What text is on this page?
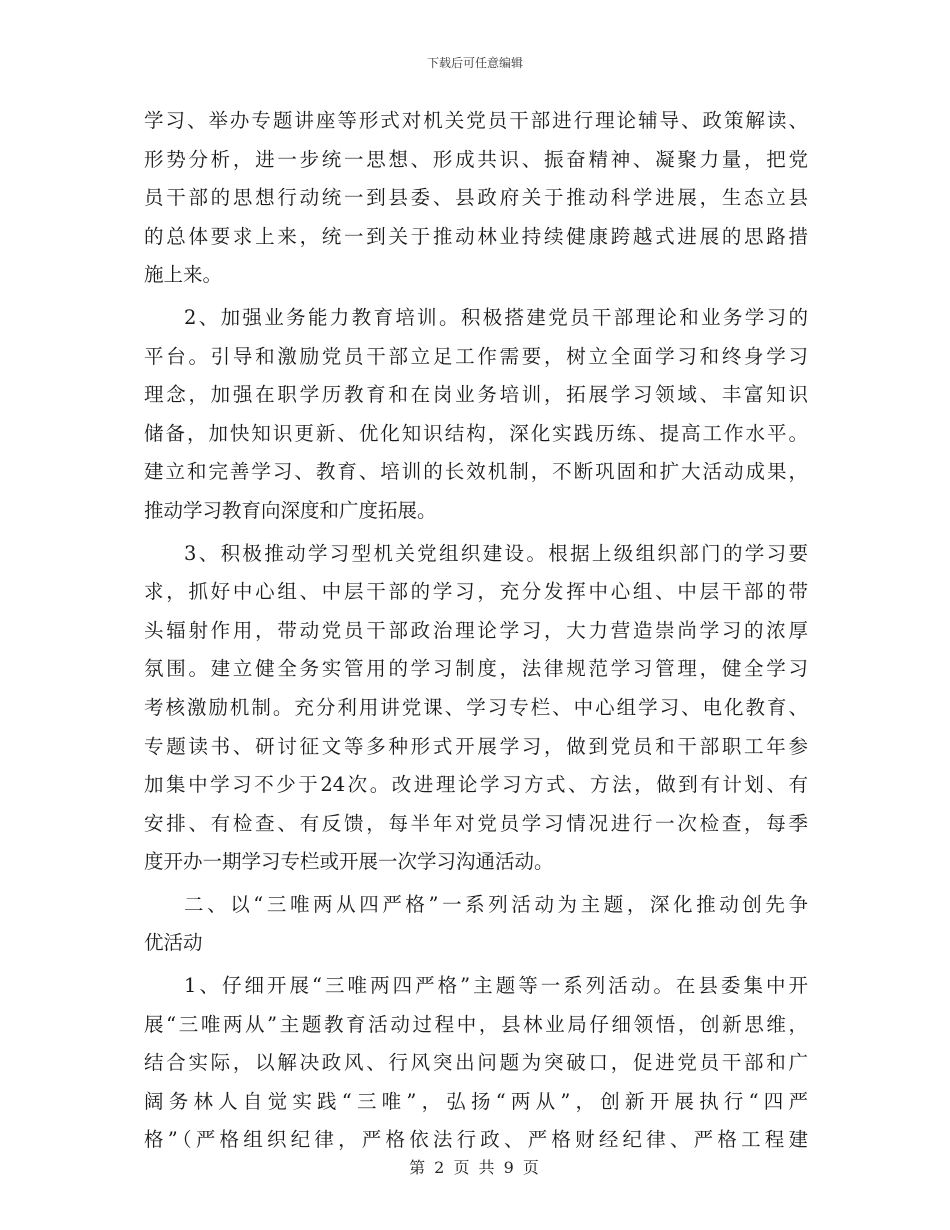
下载后可任意编辑
学习、举办专题讲座等形式对机关党员干部进行理论辅导、政策解读、
形势分析，进一步统一思想、形成共识、振奋精神、凝聚力量，把党
员干部的思想行动统一到县委、县政府关于推动科学进展，生态立县
的总体要求上来，统一到关于推动林业持续健康跨越式进展的思路措
施上来。
2、加强业务能力教育培训。积极搭建党员干部理论和业务学习的
平台。引导和激励党员干部立足工作需要，树立全面学习和终身学习
理念，加强在职学历教育和在岗业务培训，拓展学习领域、丰富知识
储备，加快知识更新、优化知识结构，深化实践历练、提高工作水平。
建立和完善学习、教育、培训的长效机制，不断巩固和扩大活动成果，
推动学习教育向深度和广度拓展。
3、积极推动学习型机关党组织建设。根据上级组织部门的学习要
求，抓好中心组、中层干部的学习，充分发挥中心组、中层干部的带
头辐射作用，带动党员干部政治理论学习，大力营造崇尚学习的浓厚
氛围。建立健全务实管用的学习制度，法律规范学习管理，健全学习
考核激励机制。充分利用讲党课、学习专栏、中心组学习、电化教育、
专题读书、研讨征文等多种形式开展学习，做到党员和干部职工年参
加集中学习不少于24次。改进理论学习方式、方法，做到有计划、有
安排、有检查、有反馈，每半年对党员学习情况进行一次检查，每季
度开办一期学习专栏或开展一次学习沟通活动。
二、以“三唯两从四严格”一系列活动为主题，深化推动创先争
优活动
1、仔细开展“三唯两四严格”主题等一系列活动。在县委集中开
展“三唯两从”主题教育活动过程中，县林业局仔细领悟，创新思维，
结合实际，以解决政风、行风突出问题为突破口，促进党员干部和广
阔务林人自觉实践“三唯”，弘扬“两从”，创新开展执行“四严
格”（严格组织纪律，严格依法行政、严格财经纪律、严格工程建
第 2 页 共 9 页
